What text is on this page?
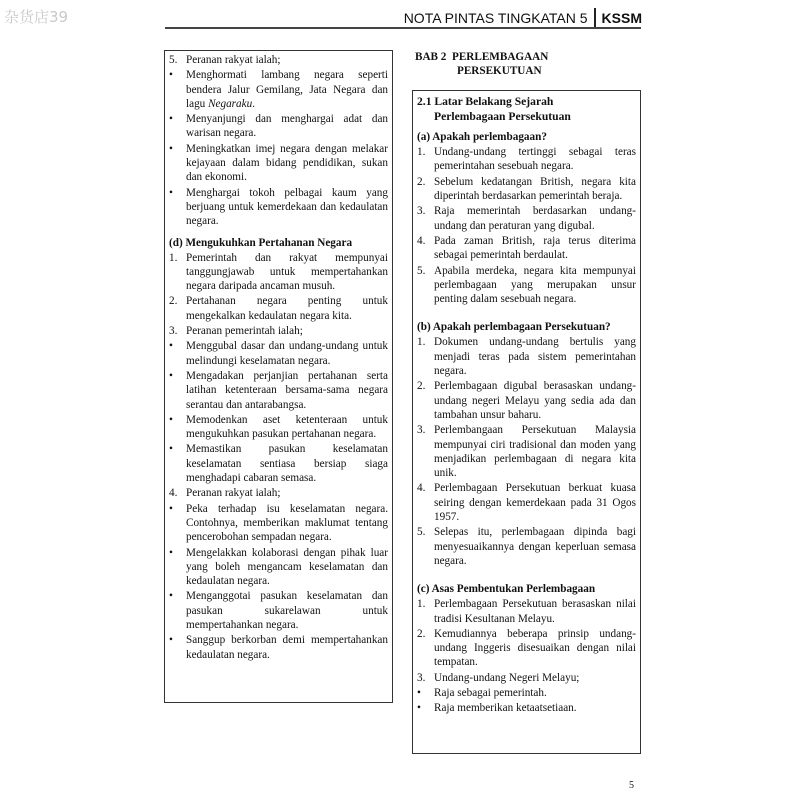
杂货店39	NOTA PINTAS TINGKATAN 5 KSSM
5. Peranan rakyat ialah;
•	Menghormati lambang negara seperti bendera Jalur Gemilang, Jata Negara dan lagu Negaraku.
•	Menyanjungi dan menghargai adat dan warisan negara.
•	Meningkatkan imej negara dengan melakar kejayaan dalam bidang pendidikan, sukan dan ekonomi.
•	Menghargai tokoh pelbagai kaum yang berjuang untuk kemerdekaan dan kedaulatan negara.
(d) Mengukuhkan Pertahanan Negara
1. Pemerintah dan rakyat mempunyai tanggungjawab untuk mempertahankan negara daripada ancaman musuh.
2. Pertahanan negara penting untuk mengekalkan kedaulatan negara kita.
3. Peranan pemerintah ialah;
•	Menggubal dasar dan undang-undang untuk melindungi keselamatan negara.
•	Mengadakan perjanjian pertahanan serta latihan ketenteraan bersama-sama negara serantau dan antarabangsa.
•	Memodenkan aset ketenteraan untuk mengukuhkan pasukan pertahanan negara.
•	Memastikan pasukan keselamatan keselamatan sentiasa bersiap siaga menghadapi cabaran semasa.
4. Peranan rakyat ialah;
•	Peka terhadap isu keselamatan negara. Contohnya, memberikan maklumat tentang pencerobohan sempadan negara.
•	Mengelakkan kolaborasi dengan pihak luar yang boleh mengancam keselamatan dan kedaulatan negara.
•	Menganggotai pasukan keselamatan dan pasukan sukarelawan untuk mempertahankan negara.
•	Sanggup berkorban demi mempertahankan kedaulatan negara.
BAB 2 PERLEMBAGAAN
PERSEKUTUAN
2.1 Latar Belakang Sejarah
Perlembagaan Persekutuan
(a) Apakah perlembagaan?
1. Undang-undang tertinggi sebagai teras pemerintahan sesebuah negara.
2. Sebelum kedatangan British, negara kita diperintah berdasarkan pemerintah beraja.
3. Raja memerintah berdasarkan undang-undang dan peraturan yang digubal.
4. Pada zaman British, raja terus diterima sebagai pemerintah berdaulat.
5. Apabila merdeka, negara kita mempunyai perlembagaan yang merupakan unsur penting dalam sesebuah negara.
(b) Apakah perlembagaan Persekutuan?
1. Dokumen undang-undang bertulis yang menjadi teras pada sistem pemerintahan negara.
2. Perlembagaan digubal berasaskan undang-undang negeri Melayu yang sedia ada dan tambahan unsur baharu.
3. Perlembangaan Persekutuan Malaysia mempunyai ciri tradisional dan moden yang menjadikan perlembagaan di negara kita unik.
4. Perlembagaan Persekutuan berkuat kuasa seiring dengan kemerdekaan pada 31 Ogos 1957.
5. Selepas itu, perlembagaan dipinda bagi menyesuaikannya dengan keperluan semasa negara.
(c) Asas Pembentukan Perlembagaan
1. Perlembagaan Persekutuan berasaskan nilai tradisi Kesultanan Melayu.
2. Kemudiannya beberapa prinsip undang-undang Inggeris disesuaikan dengan nilai tempatan.
3. Undang-undang Negeri Melayu;
•	Raja sebagai pemerintah.
•	Raja memberikan ketaatsetiaan.
5
